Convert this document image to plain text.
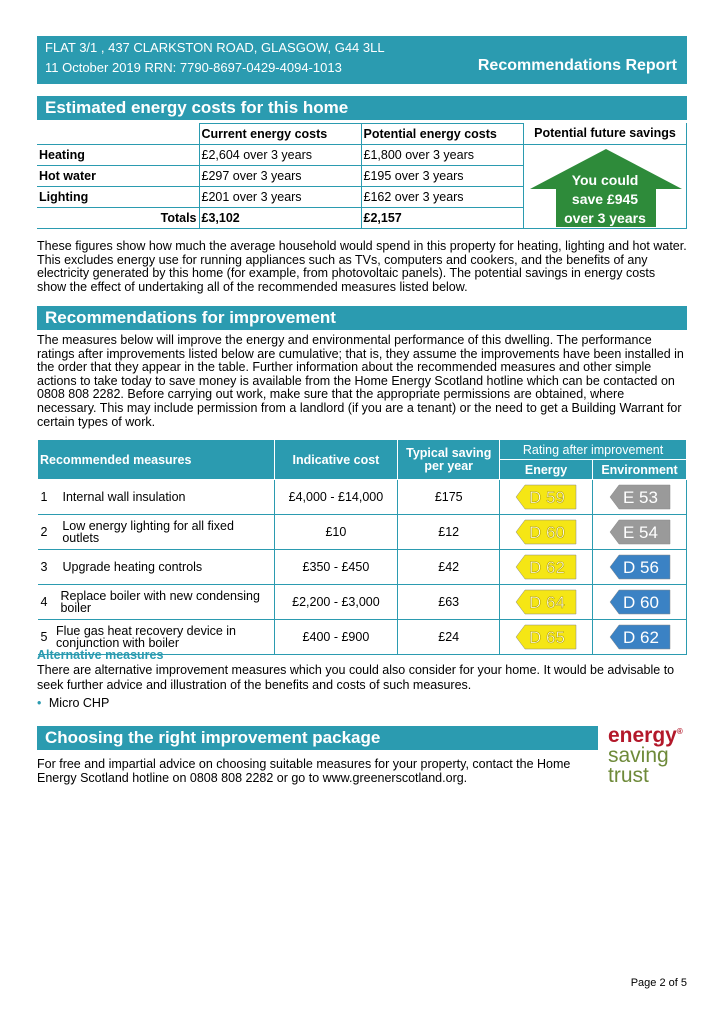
FLAT 3/1 , 437 CLARKSTON ROAD, GLASGOW, G44 3LL
11 October 2019 RRN: 7790-8697-0429-4094-1013	Recommendations Report
Estimated energy costs for this home
	Current energy costs	Potential energy costs	
Heating	£2,604 over 3 years	£1,800 over 3 years	
Hot water	£297 over 3 years	£195 over 3 years	
Lighting	£201 over 3 years	£162 over 3 years	
Totals	£3,102	£2,157	
Potential future savings
You could
save £945
over 3 years
These figures show how much the average household would spend in this property for heating, lighting and hot water. This excludes energy use for running appliances such as TVs, computers and cookers, and the benefits of any electricity generated by this home (for example, from photovoltaic panels). The potential savings in energy costs show the effect of undertaking all of the recommended measures listed below.
Recommendations for improvement
The measures below will improve the energy and environmental performance of this dwelling. The performance ratings after improvements listed below are cumulative; that is, they assume the improvements have been installed in the order that they appear in the table. Further information about the recommended measures and other simple actions to take today to save money is available from the Home Energy Scotland hotline which can be contacted on 0808 808 2282. Before carrying out work, make sure that the appropriate permissions are obtained, where necessary. This may include permission from a landlord (if you are a tenant) or the need to get a Building Warrant for certain types of work.
Recommended measures	Indicative cost	Typical saving per year	Rating after improvement	
			Energy	Environment

1 Internal wall insulation	£4,000 - £14,000	£175	D 59	E 53

2 Low energy lighting for all fixed outlets	£10	£12	D 60	E 54

3 Upgrade heating controls	£350 - £450	£42	D 62	D 56

4 Replace boiler with new condensing boiler	£2,200 - £3,000	£63	D 64	D 60

5 Flue gas heat recovery device in conjunction with boiler	£400 - £900	£24	D 65	D 62
Alternative measures
There are alternative improvement measures which you could also consider for your home. It would be advisable to seek further advice and illustration of the benefits and costs of such measures.
• Micro CHP
Choosing the right improvement package
For free and impartial advice on choosing suitable measures for your property, contact the Home Energy Scotland hotline on 0808 808 2282 or go to www.greenerscotland.org.
energy®
saving
trust
Page 2 of 5
